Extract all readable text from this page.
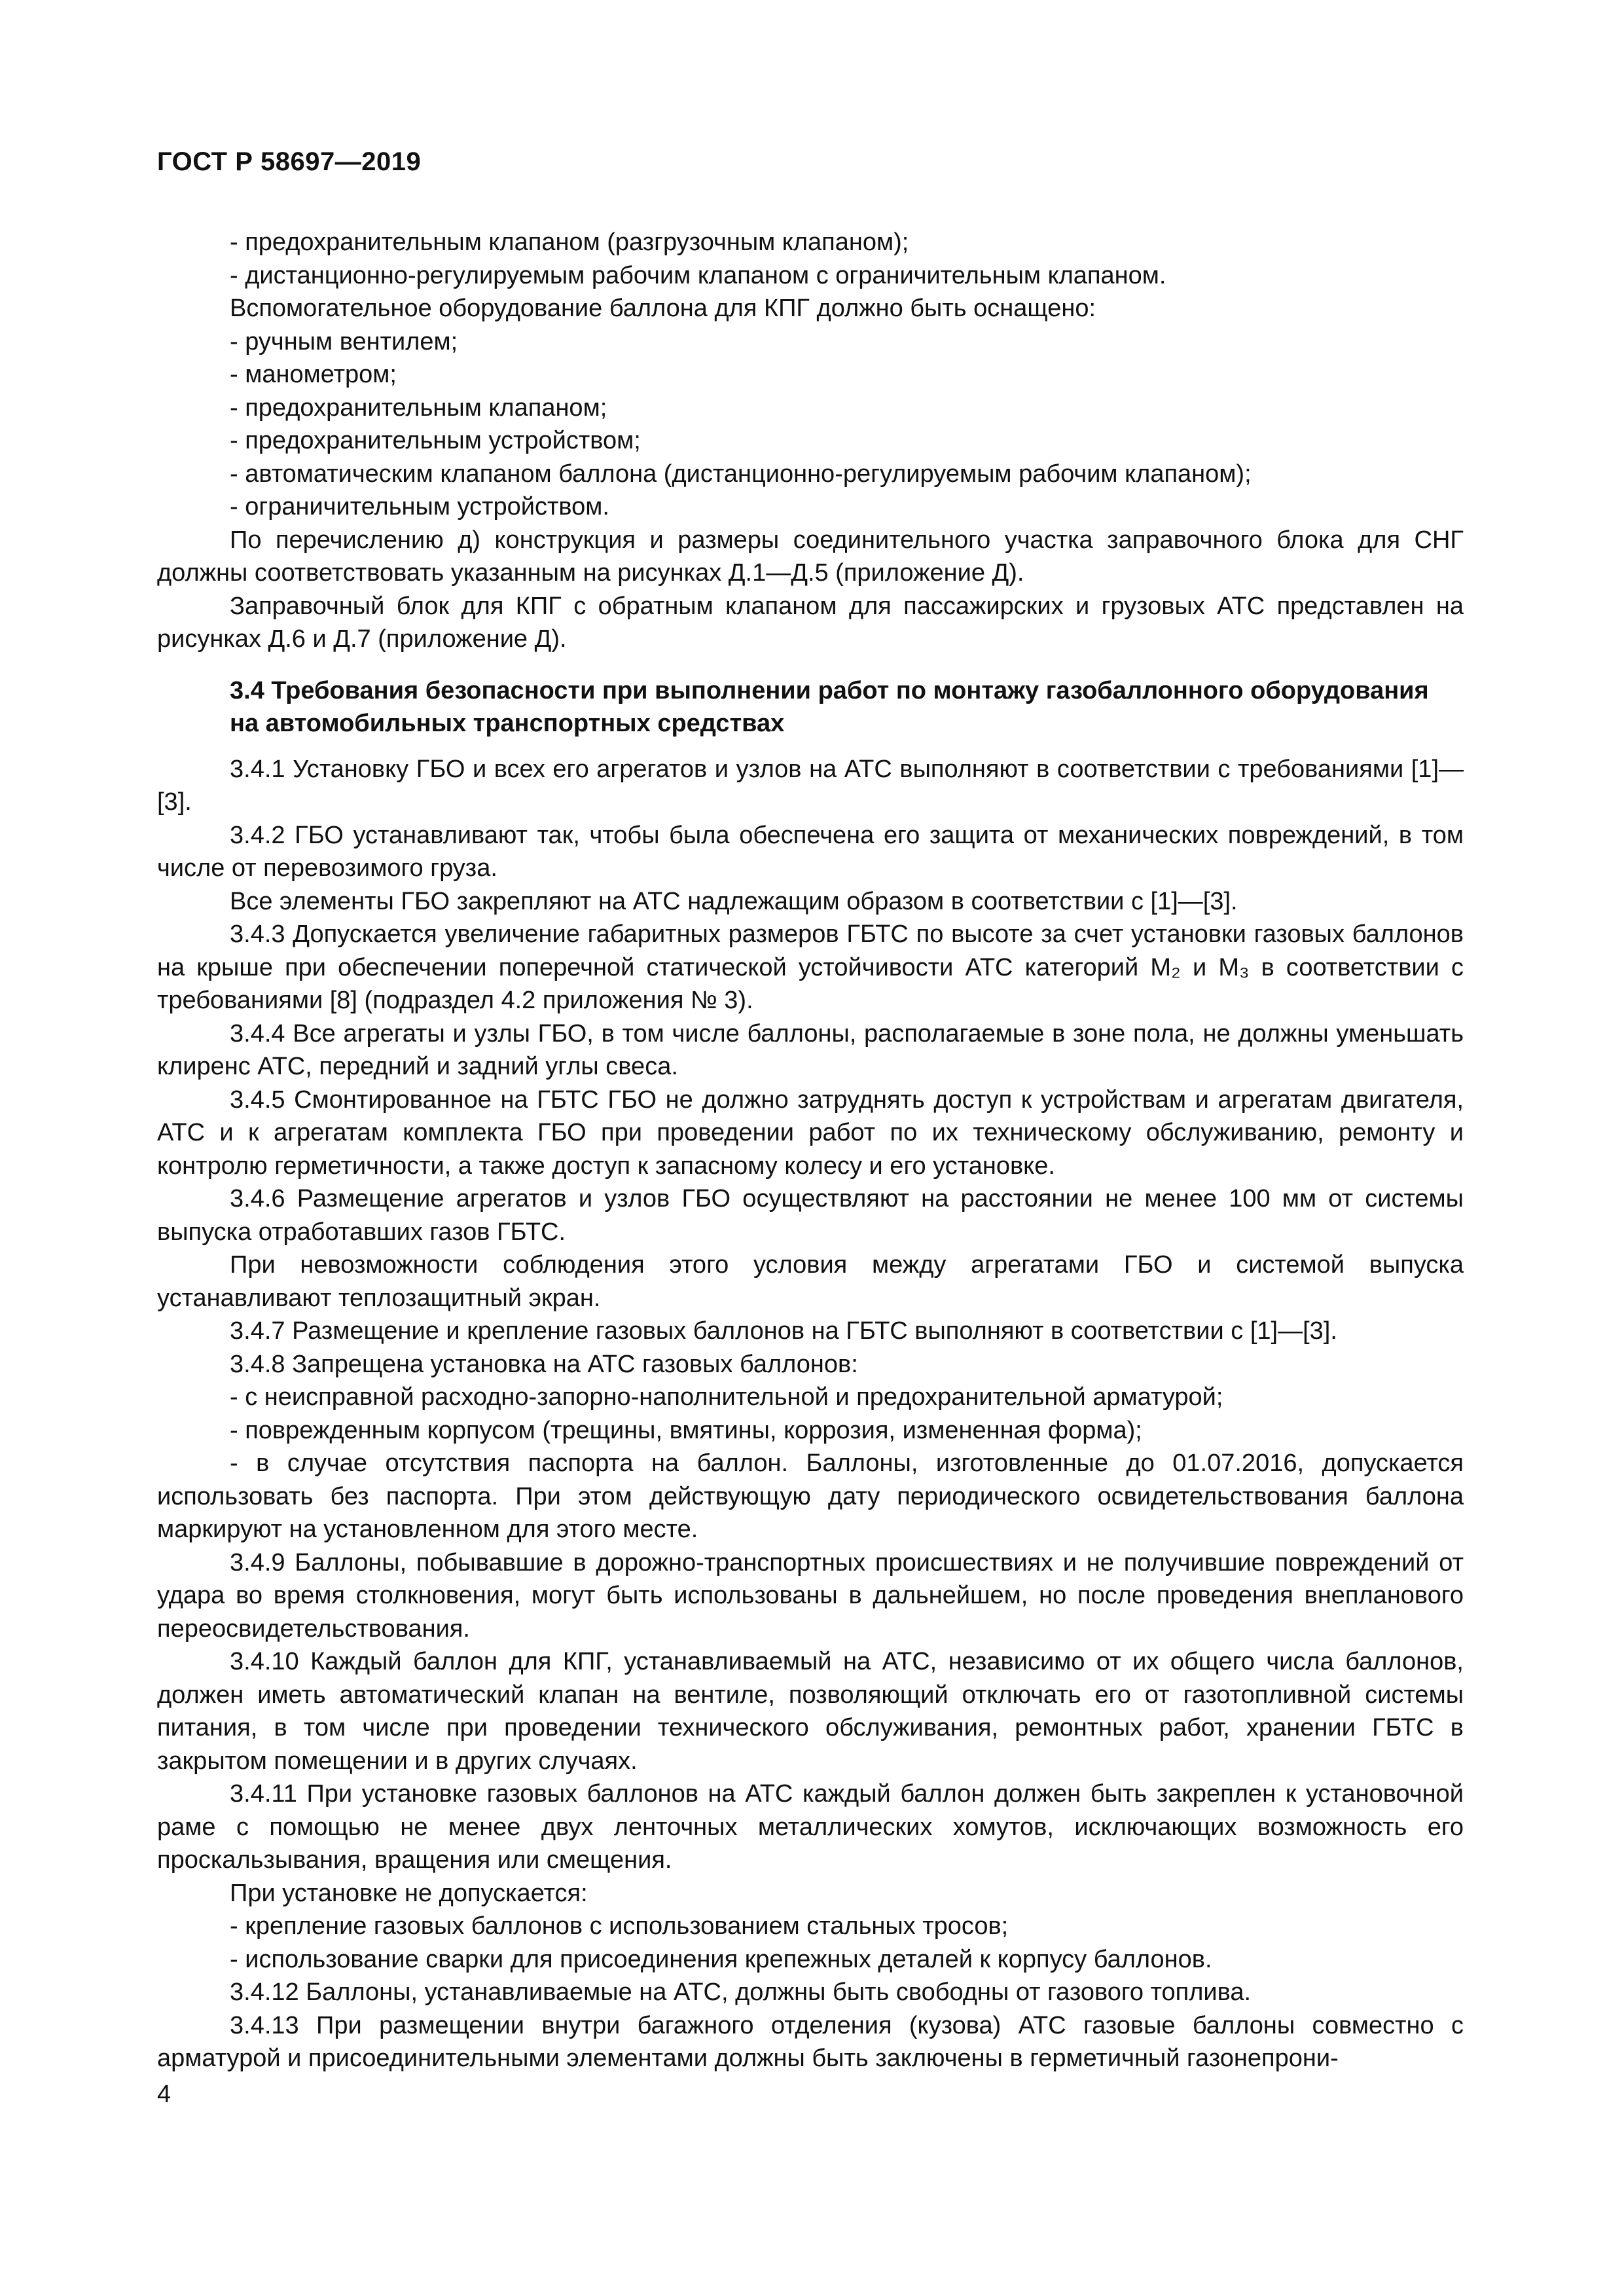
ГОСТ Р 58697—2019

- предохранительным клапаном (разгрузочным клапаном);

- дистанционно-регулируемым рабочим клапаном с ограничительным клапаном.

Вспомогательное оборудование баллона для КПГ должно быть оснащено:

- ручным вентилем;

- манометром;

- предохранительным клапаном;

- предохранительным устройством;

- автоматическим клапаном баллона (дистанционно-регулируемым рабочим клапаном);

- ограничительным устройством.

По перечислению д) конструкция и размеры соединительного участка заправочного блока для СНГ должны соответствовать указанным на рисунках Д.1—Д.5 (приложение Д).

Заправочный блок для КПГ с обратным клапаном для пассажирских и грузовых АТС представлен на рисунках Д.6 и Д.7 (приложение Д).

3.4 Требования безопасности при выполнении работ по монтажу газобаллонного оборудования на автомобильных транспортных средствах

3.4.1 Установку ГБО и всех его агрегатов и узлов на АТС выполняют в соответствии с требованиями [1]—[3].

3.4.2 ГБО устанавливают так, чтобы была обеспечена его защита от механических повреждений, в том числе от перевозимого груза.

Все элементы ГБО закрепляют на АТС надлежащим образом в соответствии с [1]—[3].

3.4.3 Допускается увеличение габаритных размеров ГБТС по высоте за счет установки газовых баллонов на крыше при обеспечении поперечной статической устойчивости АТС категорий M₂ и M₃ в соответствии с требованиями [8] (подраздел 4.2 приложения № 3).

3.4.4 Все агрегаты и узлы ГБО, в том числе баллоны, располагаемые в зоне пола, не должны уменьшать клиренс АТС, передний и задний углы свеса.

3.4.5 Смонтированное на ГБТС ГБО не должно затруднять доступ к устройствам и агрегатам двигателя, АТС и к агрегатам комплекта ГБО при проведении работ по их техническому обслуживанию, ремонту и контролю герметичности, а также доступ к запасному колесу и его установке.

3.4.6 Размещение агрегатов и узлов ГБО осуществляют на расстоянии не менее 100 мм от системы выпуска отработавших газов ГБТС.

При невозможности соблюдения этого условия между агрегатами ГБО и системой выпуска устанавливают теплозащитный экран.

3.4.7 Размещение и крепление газовых баллонов на ГБТС выполняют в соответствии с [1]—[3].

3.4.8 Запрещена установка на АТС газовых баллонов:

- с неисправной расходно-запорно-наполнительной и предохранительной арматурой;

- поврежденным корпусом (трещины, вмятины, коррозия, измененная форма);

- в случае отсутствия паспорта на баллон. Баллоны, изготовленные до 01.07.2016, допускается использовать без паспорта. При этом действующую дату периодического освидетельствования баллона маркируют на установленном для этого месте.

3.4.9 Баллоны, побывавшие в дорожно-транспортных происшествиях и не получившие повреждений от удара во время столкновения, могут быть использованы в дальнейшем, но после проведения внепланового переосвидетельствования.

3.4.10 Каждый баллон для КПГ, устанавливаемый на АТС, независимо от их общего числа баллонов, должен иметь автоматический клапан на вентиле, позволяющий отключать его от газотопливной системы питания, в том числе при проведении технического обслуживания, ремонтных работ, хранении ГБТС в закрытом помещении и в других случаях.

3.4.11 При установке газовых баллонов на АТС каждый баллон должен быть закреплен к установочной раме с помощью не менее двух ленточных металлических хомутов, исключающих возможность его проскальзывания, вращения или смещения.

При установке не допускается:

- крепление газовых баллонов с использованием стальных тросов;

- использование сварки для присоединения крепежных деталей к корпусу баллонов.

3.4.12 Баллоны, устанавливаемые на АТС, должны быть свободны от газового топлива.

3.4.13 При размещении внутри багажного отделения (кузова) АТС газовые баллоны совместно с арматурой и присоединительными элементами должны быть заключены в герметичный газонепрони-

4
